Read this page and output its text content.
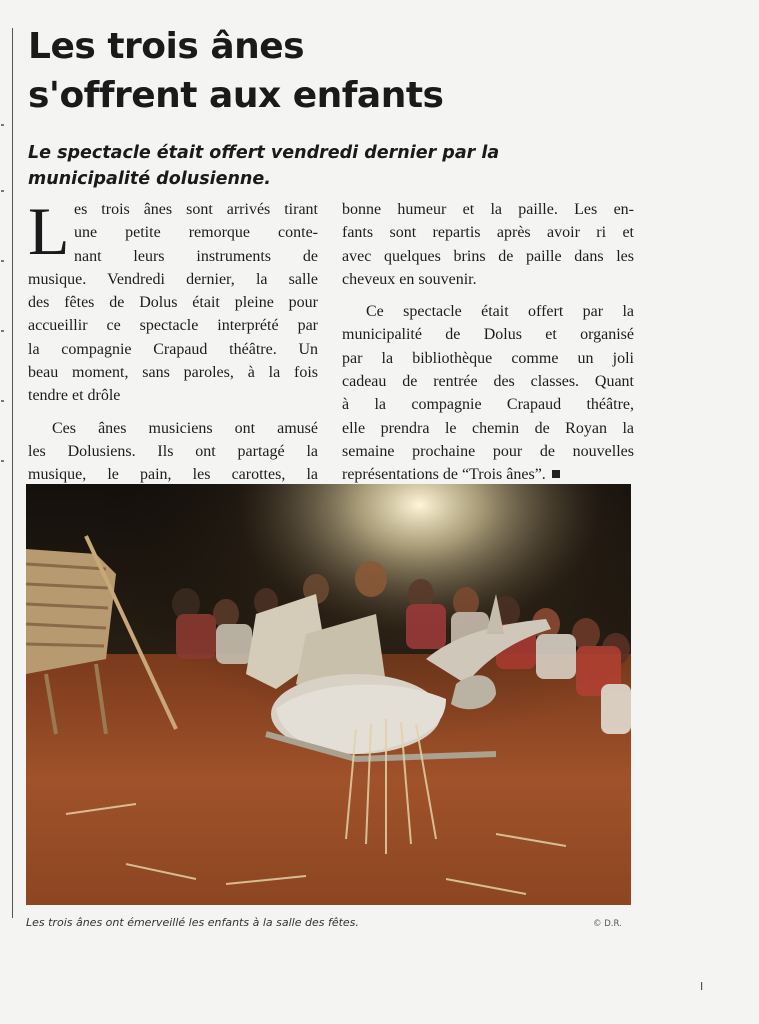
Les trois ânes
s'offrent aux enfants
Le spectacle était offert vendredi dernier par la
municipalité dolusienne.
L es trois ânes sont arrivés tirant
une petite remorque conte-
nant leurs instruments de
musique. Vendredi dernier, la salle
des fêtes de Dolus était pleine pour
accueillir ce spectacle interprété par
la compagnie Crapaud théâtre. Un
beau moment, sans paroles, à la fois
tendre et drôle
Ces ânes musiciens ont amusé
les Dolusiens. Ils ont partagé la
musique, le pain, les carottes, la
bonne humeur et la paille. Les en-
fants sont repartis après avoir ri et
avec quelques brins de paille dans les
cheveux en souvenir.
Ce spectacle était offert par la
municipalité de Dolus et organisé
par la bibliothèque comme un joli
cadeau de rentrée des classes. Quant
à la compagnie Crapaud théâtre,
elle prendra le chemin de Royan la
semaine prochaine pour de nouvelles
représentations de “Trois ânes”.
Les trois ânes ont émerveillé les enfants à la salle des fêtes.	© D.R.
I
